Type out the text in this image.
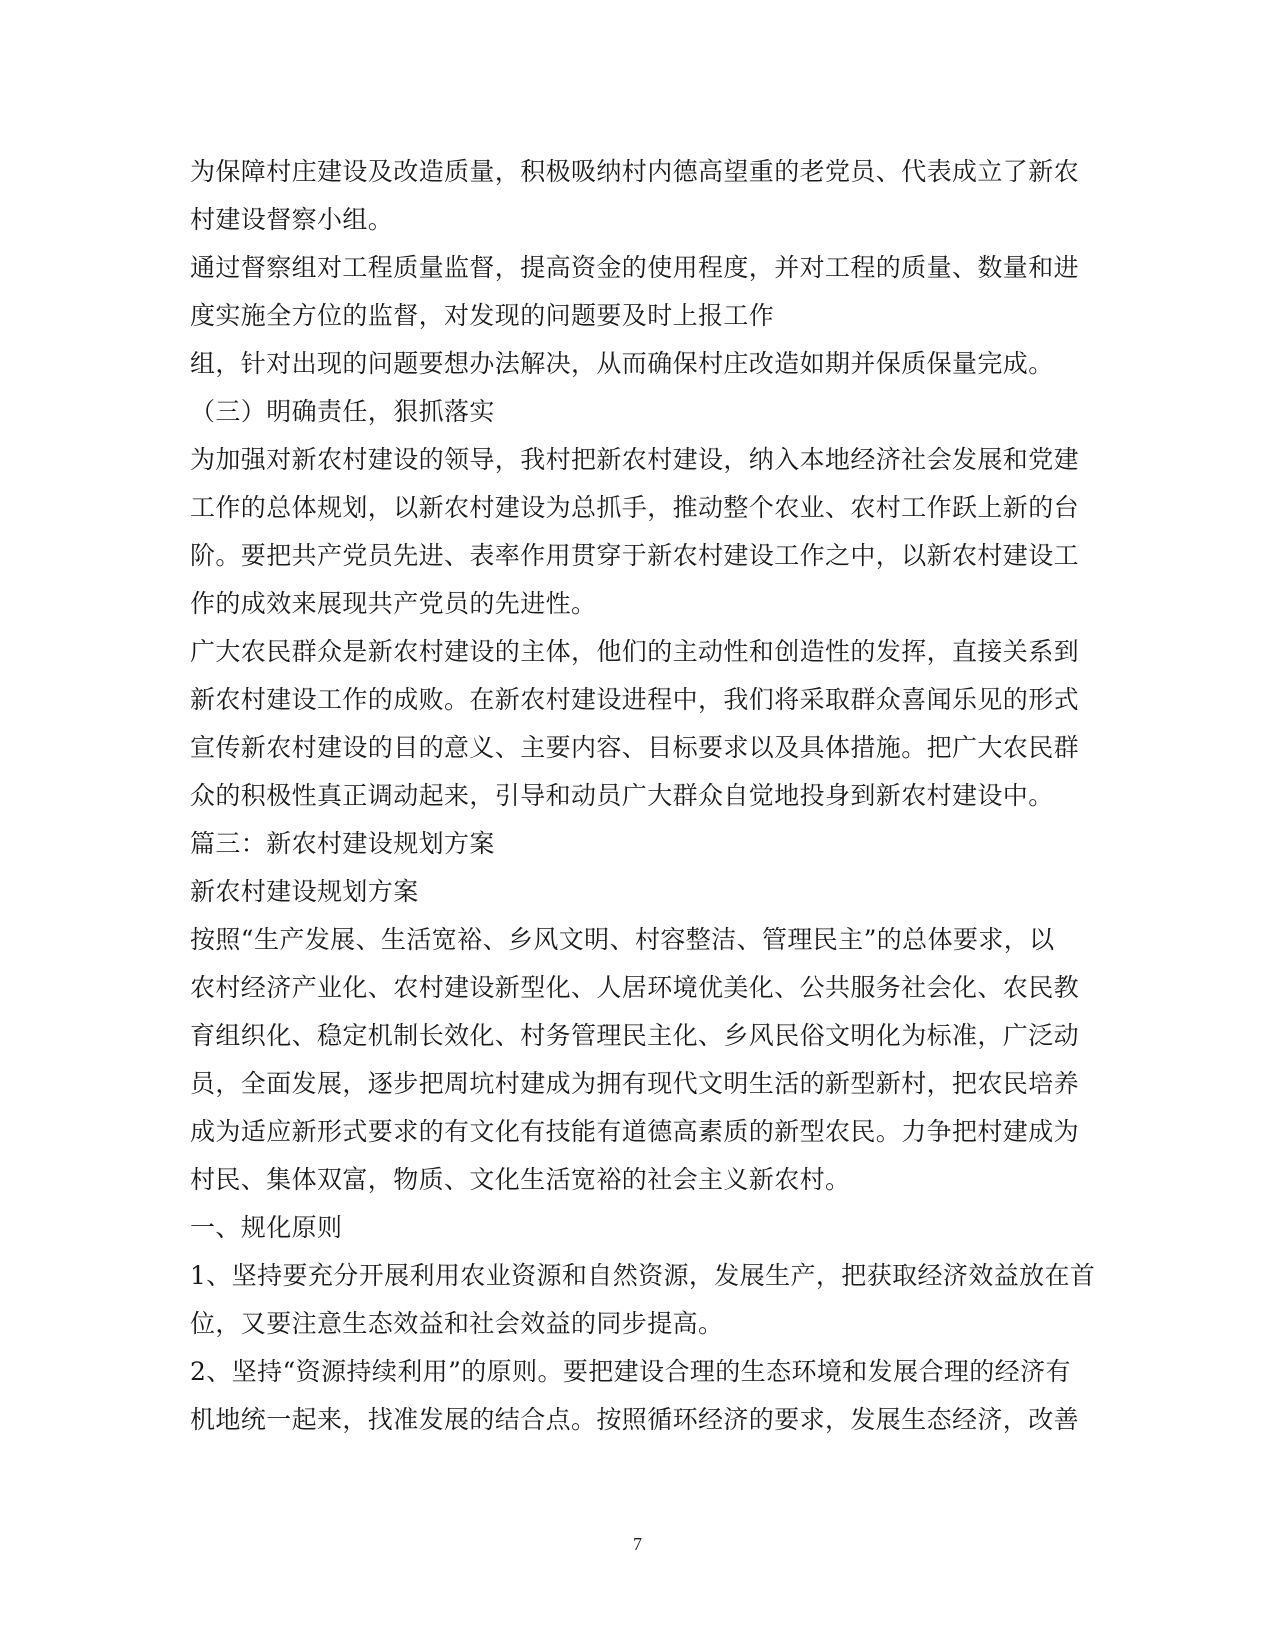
为保障村庄建设及改造质量，积极吸纳村内德高望重的老党员、代表成立了新农
村建设督察小组。
通过督察组对工程质量监督，提高资金的使用程度，并对工程的质量、数量和进
度实施全方位的监督，对发现的问题要及时上报工作
组，针对出现的问题要想办法解决，从而确保村庄改造如期并保质保量完成。
（三）明确责任，狠抓落实
为加强对新农村建设的领导，我村把新农村建设，纳入本地经济社会发展和党建
工作的总体规划，以新农村建设为总抓手，推动整个农业、农村工作跃上新的台
阶。要把共产党员先进、表率作用贯穿于新农村建设工作之中，以新农村建设工
作的成效来展现共产党员的先进性。
广大农民群众是新农村建设的主体，他们的主动性和创造性的发挥，直接关系到
新农村建设工作的成败。在新农村建设进程中，我们将采取群众喜闻乐见的形式
宣传新农村建设的目的意义、主要内容、目标要求以及具体措施。把广大农民群
众的积极性真正调动起来，引导和动员广大群众自觉地投身到新农村建设中。
篇三：新农村建设规划方案
新农村建设规划方案
按照“生产发展、生活宽裕、乡风文明、村容整洁、管理民主”的总体要求，以
农村经济产业化、农村建设新型化、人居环境优美化、公共服务社会化、农民教
育组织化、稳定机制长效化、村务管理民主化、乡风民俗文明化为标准，广泛动
员，全面发展，逐步把周坑村建成为拥有现代文明生活的新型新村，把农民培养
成为适应新形式要求的有文化有技能有道德高素质的新型农民。力争把村建成为
村民、集体双富，物质、文化生活宽裕的社会主义新农村。
一、规化原则
1、坚持要充分开展利用农业资源和自然资源，发展生产，把获取经济效益放在首
位，又要注意生态效益和社会效益的同步提高。
2、坚持“资源持续利用”的原则。要把建设合理的生态环境和发展合理的经济有
机地统一起来，找准发展的结合点。按照循环经济的要求，发展生态经济，改善
7
